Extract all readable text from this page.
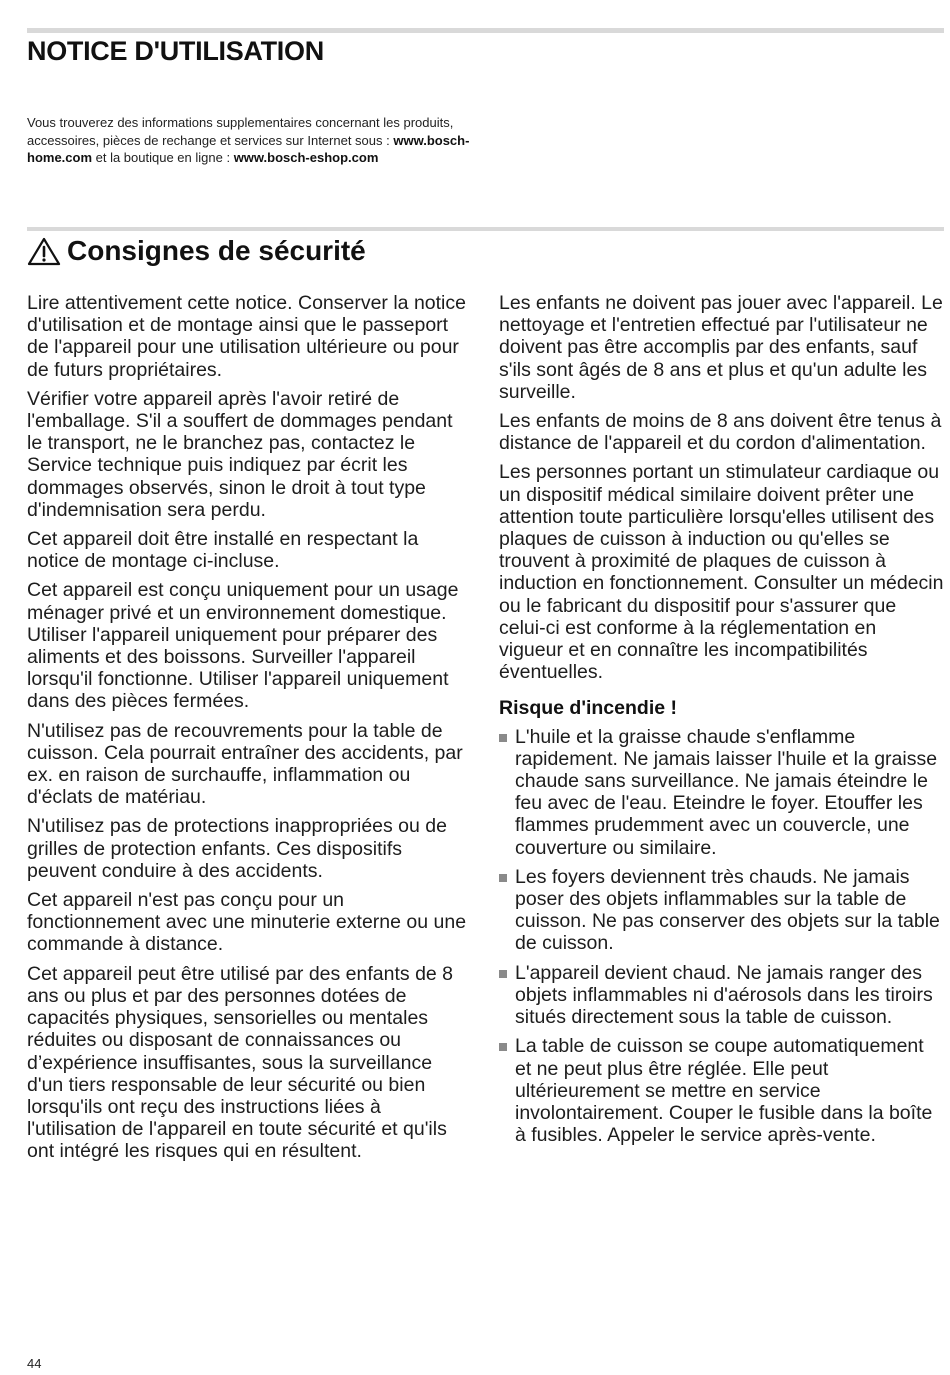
NOTICE D'UTILISATION

Vous trouverez des informations supplementaires concernant les produits, accessoires, pièces de rechange et services sur Internet sous : www.bosch-home.com et la boutique en ligne : www.bosch-eshop.com

Consignes de sécurité

Lire attentivement cette notice. Conserver la notice d'utilisation et de montage ainsi que le passeport de l'appareil pour une utilisation ultérieure ou pour de futurs propriétaires.

Vérifier votre appareil après l'avoir retiré de l'emballage. S'il a souffert de dommages pendant le transport, ne le branchez pas, contactez le Service technique puis indiquez par écrit les dommages observés, sinon le droit à tout type d'indemnisation sera perdu.

Cet appareil doit être installé en respectant la notice de montage ci-incluse.

Cet appareil est conçu uniquement pour un usage ménager privé et un environnement domestique. Utiliser l'appareil uniquement pour préparer des aliments et des boissons. Surveiller l'appareil lorsqu'il fonctionne. Utiliser l'appareil uniquement dans des pièces fermées.

N'utilisez pas de recouvrements pour la table de cuisson. Cela pourrait entraîner des accidents, par ex. en raison de surchauffe, inflammation ou d'éclats de matériau.

N'utilisez pas de protections inappropriées ou de grilles de protection enfants. Ces dispositifs peuvent conduire à des accidents.

Cet appareil n'est pas conçu pour un fonctionnement avec une minuterie externe ou une commande à distance.

Cet appareil peut être utilisé par des enfants de 8 ans ou plus et par des personnes dotées de capacités physiques, sensorielles ou mentales réduites ou disposant de connaissances ou d’expérience insuffisantes, sous la surveillance d'un tiers responsable de leur sécurité ou bien lorsqu'ils ont reçu des instructions liées à l'utilisation de l'appareil en toute sécurité et qu'ils ont intégré les risques qui en résultent.

Les enfants ne doivent pas jouer avec l'appareil. Le nettoyage et l'entretien effectué par l'utilisateur ne doivent pas être accomplis par des enfants, sauf s'ils sont âgés de 8 ans et plus et qu'un adulte les surveille.

Les enfants de moins de 8 ans doivent être tenus à distance de l'appareil et du cordon d'alimentation.

Les personnes portant un stimulateur cardiaque ou un dispositif médical similaire doivent prêter une attention toute particulière lorsqu'elles utilisent des plaques de cuisson à induction ou qu'elles se trouvent à proximité de plaques de cuisson à induction en fonctionnement. Consulter un médecin ou le fabricant du dispositif pour s'assurer que celui-ci est conforme à la réglementation en vigueur et en connaître les incompatibilités éventuelles.

Risque d'incendie !
L'huile et la graisse chaude s'enflamme rapidement. Ne jamais laisser l'huile et la graisse chaude sans surveillance. Ne jamais éteindre le feu avec de l'eau. Eteindre le foyer. Etouffer les flammes prudemment avec un couvercle, une couverture ou similaire.
Les foyers deviennent très chauds. Ne jamais poser des objets inflammables sur la table de cuisson. Ne pas conserver des objets sur la table de cuisson.
L'appareil devient chaud. Ne jamais ranger des objets inflammables ni d'aérosols dans les tiroirs situés directement sous la table de cuisson.
La table de cuisson se coupe automatiquement et ne peut plus être réglée. Elle peut ultérieurement se mettre en service involontairement. Couper le fusible dans la boîte à fusibles. Appeler le service après-vente.
44
